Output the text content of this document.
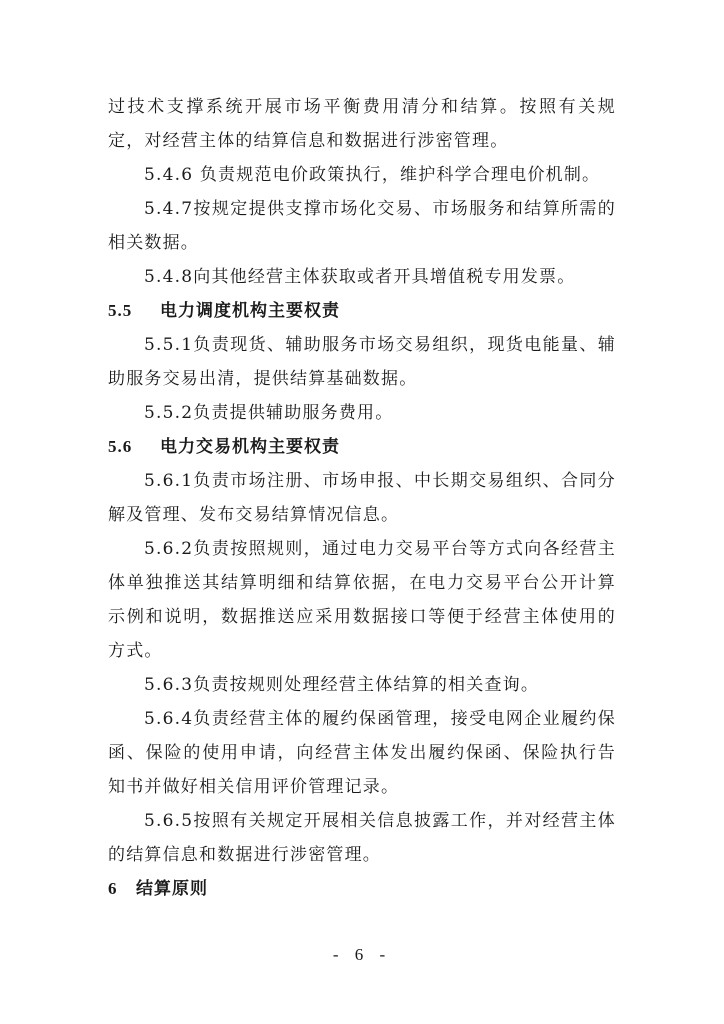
过技术支撑系统开展市场平衡费用清分和结算。按照有关规定，对经营主体的结算信息和数据进行涉密管理。

5.4.6 负责规范电价政策执行，维护科学合理电价机制。

5.4.7按规定提供支撑市场化交易、市场服务和结算所需的相关数据。

5.4.8向其他经营主体获取或者开具增值税专用发票。

5.5 电力调度机构主要权责

5.5.1负责现货、辅助服务市场交易组织，现货电能量、辅助服务交易出清，提供结算基础数据。

5.5.2负责提供辅助服务费用。

5.6 电力交易机构主要权责

5.6.1负责市场注册、市场申报、中长期交易组织、合同分解及管理、发布交易结算情况信息。

5.6.2负责按照规则，通过电力交易平台等方式向各经营主体单独推送其结算明细和结算依据，在电力交易平台公开计算示例和说明，数据推送应采用数据接口等便于经营主体使用的方式。

5.6.3负责按规则处理经营主体结算的相关查询。

5.6.4负责经营主体的履约保函管理，接受电网企业履约保函、保险的使用申请，向经营主体发出履约保函、保险执行告知书并做好相关信用评价管理记录。

5.6.5按照有关规定开展相关信息披露工作，并对经营主体的结算信息和数据进行涉密管理。

6 结算原则

- 6 -
